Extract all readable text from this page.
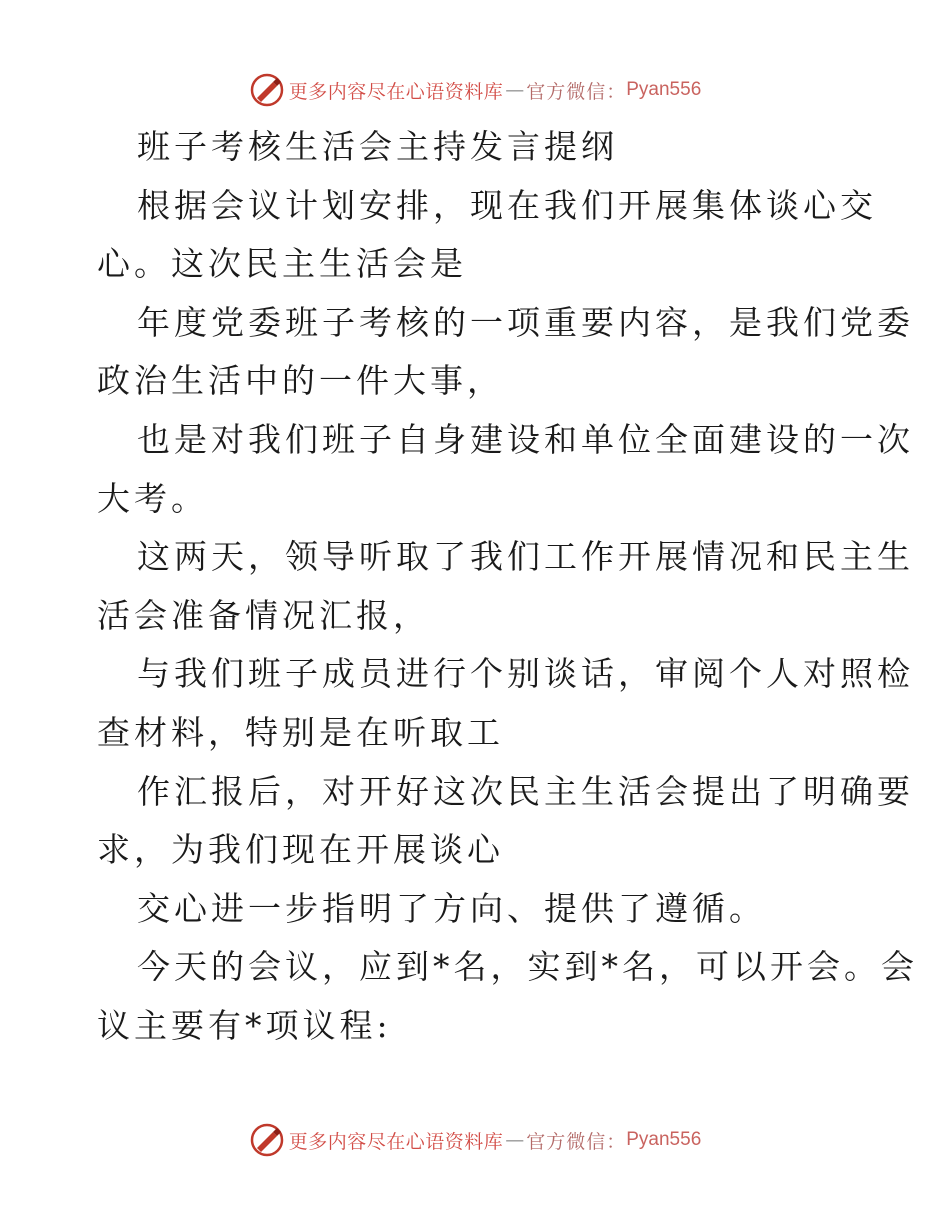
更多内容尽在心语资料库 — 官方微信： Pyan556

班子考核生活会主持发言提纲

根据会议计划安排，现在我们开展集体谈心交

心。这次民主生活会是

年度党委班子考核的一项重要内容，是我们党委

政治生活中的一件大事，

也是对我们班子自身建设和单位全面建设的一次

大考。

这两天，领导听取了我们工作开展情况和民主生

活会准备情况汇报，

与我们班子成员进行个别谈话，审阅个人对照检

查材料，特别是在听取工

作汇报后，对开好这次民主生活会提出了明确要

求，为我们现在开展谈心

交心进一步指明了方向、提供了遵循。

今天的会议，应到*名，实到*名，可以开会。会

议主要有*项议程:

更多内容尽在心语资料库 — 官方微信： Pyan556
